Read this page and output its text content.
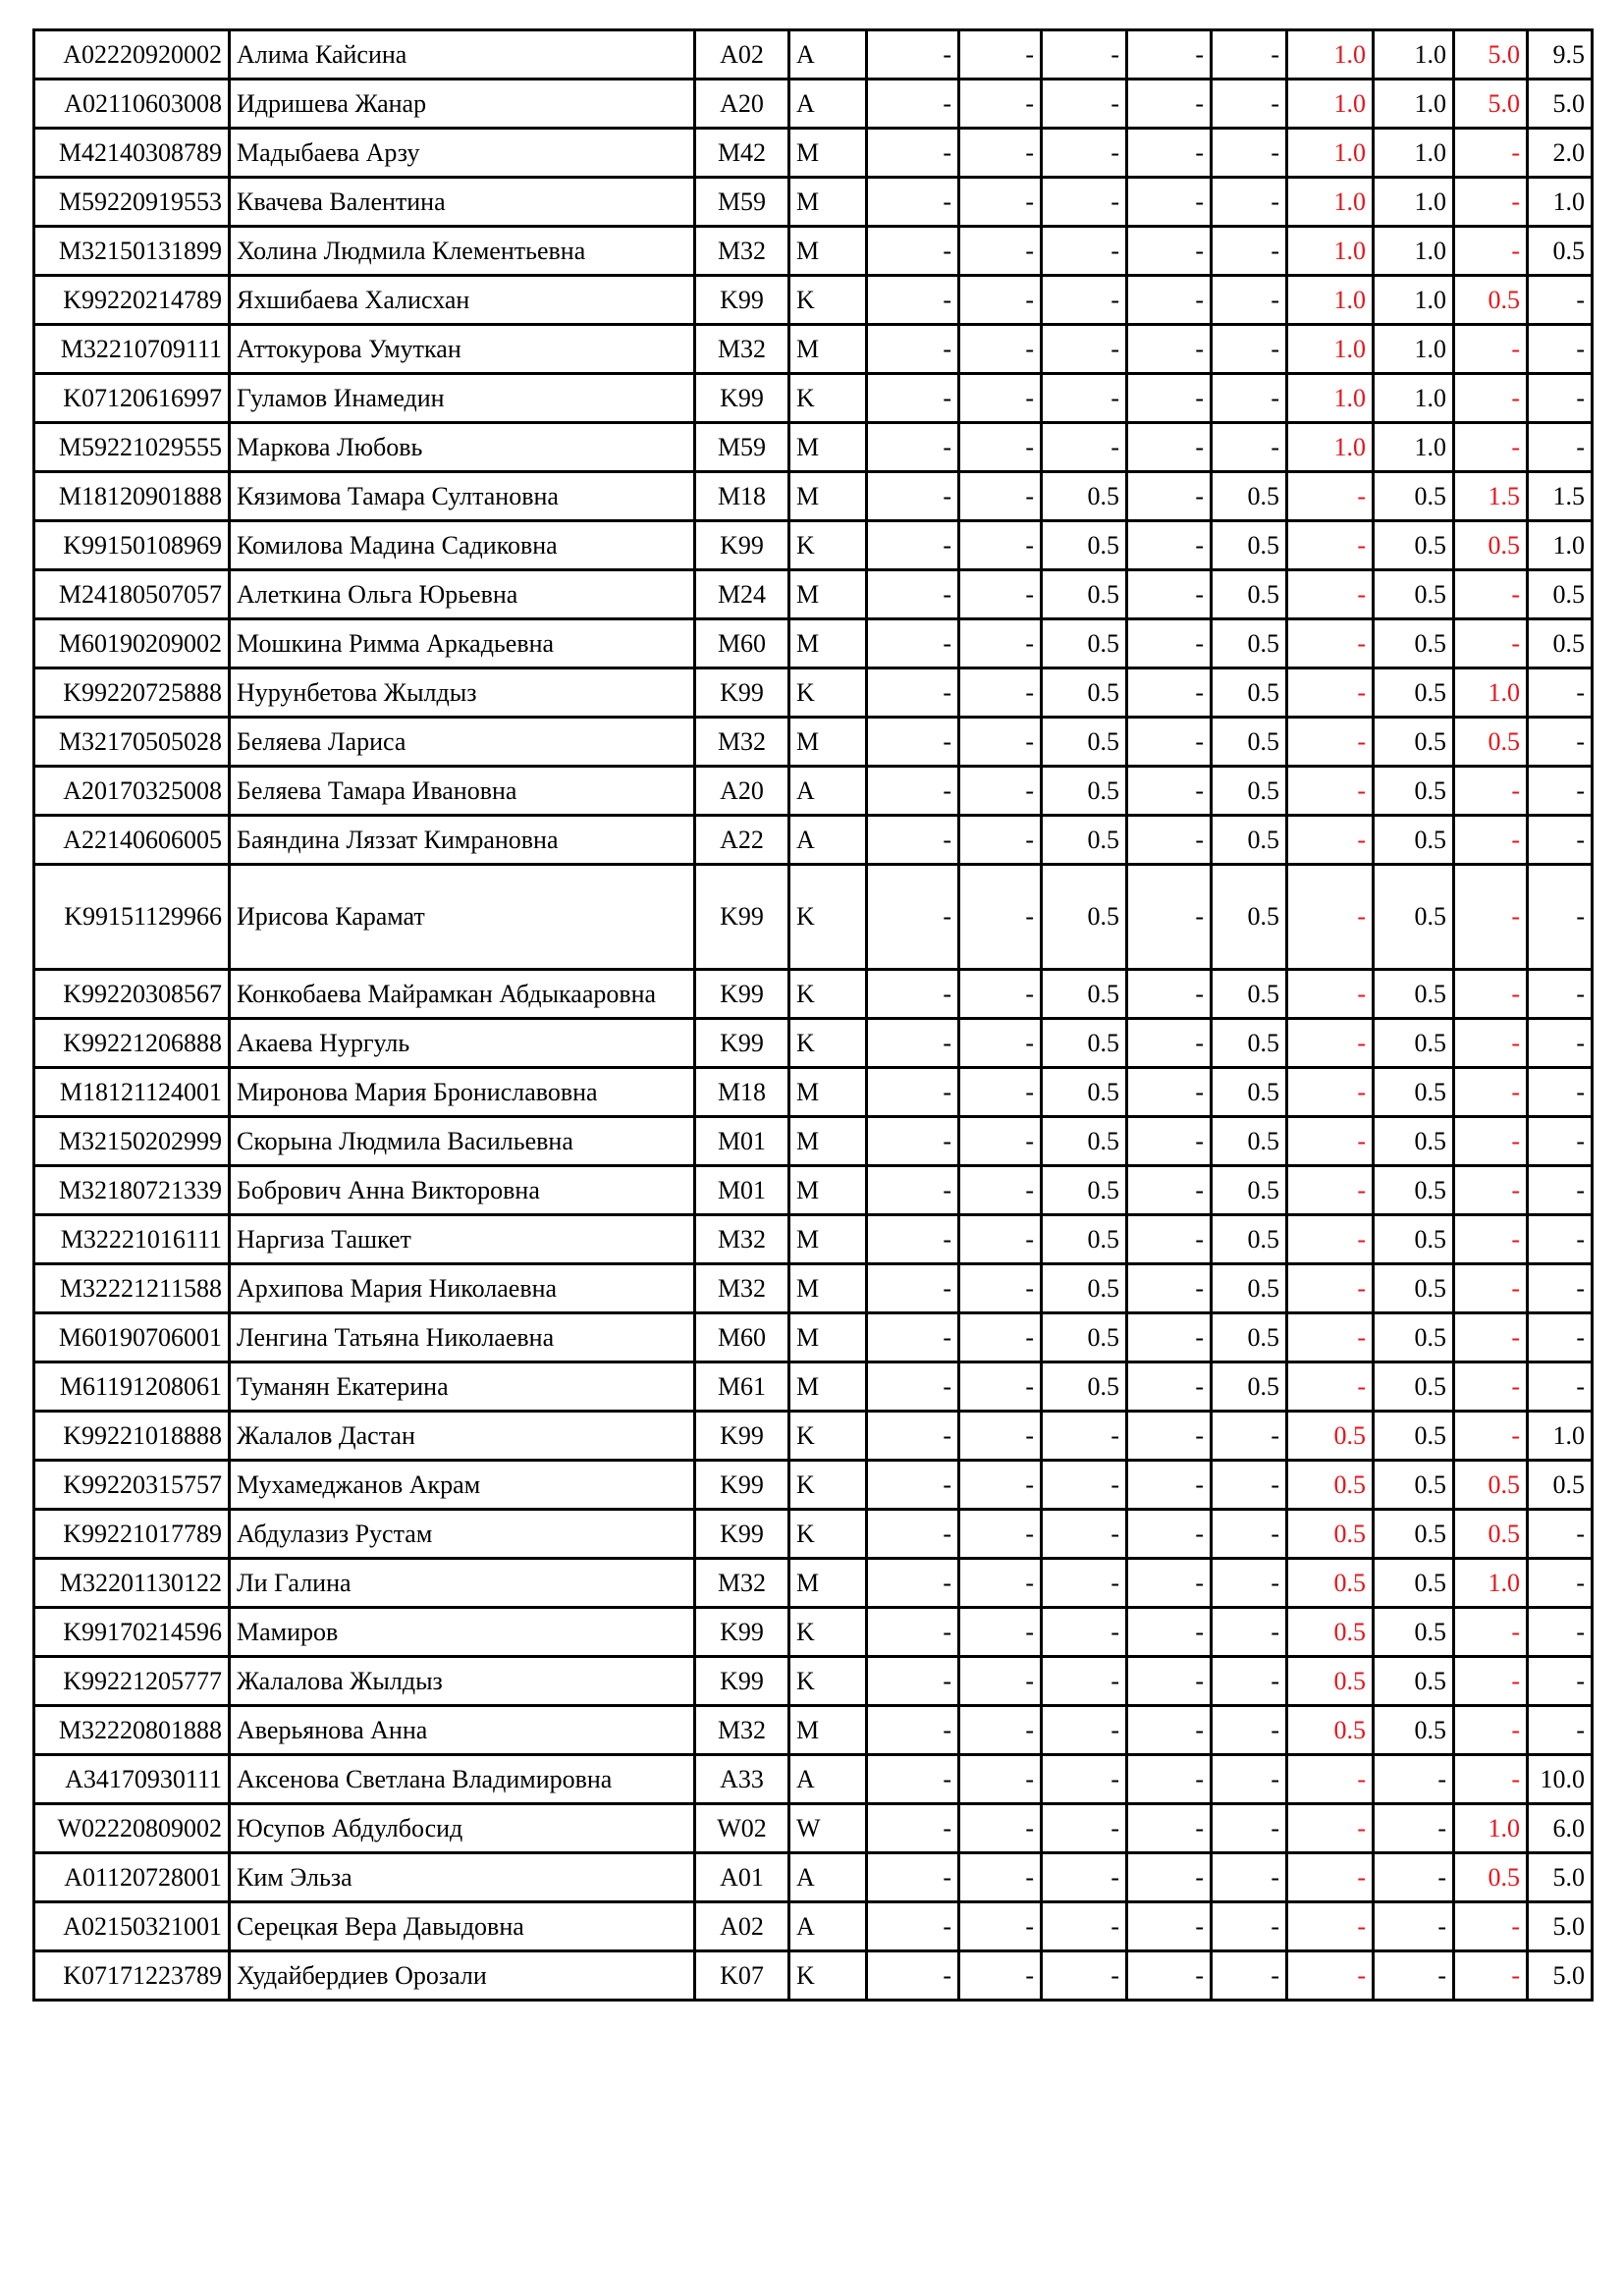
A02220920002	Алима Кайсина	A02	A	-	-	-	-	-	1.0	1.0	5.0	9.5
A02110603008	Идришева Жанар	A20	A	-	-	-	-	-	1.0	1.0	5.0	5.0
M42140308789	Мадыбаева Арзу	M42	M	-	-	-	-	-	1.0	1.0	-	2.0
M59220919553	Квачева Валентина	M59	M	-	-	-	-	-	1.0	1.0	-	1.0
M32150131899	Холина Людмила Клементьевна	M32	M	-	-	-	-	-	1.0	1.0	-	0.5
K99220214789	Яхшибаева Халисхан	K99	K	-	-	-	-	-	1.0	1.0	0.5	-
M32210709111	Аттокурова Умуткан	M32	M	-	-	-	-	-	1.0	1.0	-	-
K07120616997	Гуламов Инамедин	K99	K	-	-	-	-	-	1.0	1.0	-	-
M59221029555	Маркова Любовь	M59	M	-	-	-	-	-	1.0	1.0	-	-
M18120901888	Кязимова Тамара Султановна	M18	M	-	-	0.5	-	0.5	-	0.5	1.5	1.5
K99150108969	Комилова Мадина Садиковна	K99	K	-	-	0.5	-	0.5	-	0.5	0.5	1.0
M24180507057	Алеткина Ольга Юрьевна	M24	M	-	-	0.5	-	0.5	-	0.5	-	0.5
M60190209002	Мошкина Римма Аркадьевна	M60	M	-	-	0.5	-	0.5	-	0.5	-	0.5
K99220725888	Нурунбетова Жылдыз	K99	K	-	-	0.5	-	0.5	-	0.5	1.0	-
M32170505028	Беляева Лариса	M32	M	-	-	0.5	-	0.5	-	0.5	0.5	-
A20170325008	Беляева Тамара Ивановна	A20	A	-	-	0.5	-	0.5	-	0.5	-	-
A22140606005	Баяндина Ляззат Кимрановна	A22	A	-	-	0.5	-	0.5	-	0.5	-	-
K99151129966	Ирисова Карамат	K99	K	-	-	0.5	-	0.5	-	0.5	-	-
K99220308567	Конкобаева Майрамкан Абдыкааровна	K99	K	-	-	0.5	-	0.5	-	0.5	-	-
K99221206888	Акаева Нургуль	K99	K	-	-	0.5	-	0.5	-	0.5	-	-
M18121124001	Миронова Мария Брониславовна	M18	M	-	-	0.5	-	0.5	-	0.5	-	-
M32150202999	Скорына Людмила Васильевна	M01	M	-	-	0.5	-	0.5	-	0.5	-	-
M32180721339	Бобрович Анна Викторовна	M01	M	-	-	0.5	-	0.5	-	0.5	-	-
M32221016111	Наргиза Ташкет	M32	M	-	-	0.5	-	0.5	-	0.5	-	-
M32221211588	Архипова Мария Николаевна	M32	M	-	-	0.5	-	0.5	-	0.5	-	-
M60190706001	Ленгина Татьяна Николаевна	M60	M	-	-	0.5	-	0.5	-	0.5	-	-
M61191208061	Туманян Екатерина	M61	M	-	-	0.5	-	0.5	-	0.5	-	-
K99221018888	Жалалов Дастан	K99	K	-	-	-	-	-	0.5	0.5	-	1.0
K99220315757	Мухамеджанов Акрам	K99	K	-	-	-	-	-	0.5	0.5	0.5	0.5
K99221017789	Абдулазиз Рустам	K99	K	-	-	-	-	-	0.5	0.5	0.5	-
M32201130122	Ли Галина	M32	M	-	-	-	-	-	0.5	0.5	1.0	-
K99170214596	Мамиров	K99	K	-	-	-	-	-	0.5	0.5	-	-
K99221205777	Жалалова Жылдыз	K99	K	-	-	-	-	-	0.5	0.5	-	-
M32220801888	Аверьянова Анна	M32	M	-	-	-	-	-	0.5	0.5	-	-
A34170930111	Аксенова Светлана Владимировна	A33	A	-	-	-	-	-	-	-	-	10.0
W02220809002	Юсупов Абдулбосид	W02	W	-	-	-	-	-	-	-	1.0	6.0
A01120728001	Ким Эльза	A01	A	-	-	-	-	-	-	-	0.5	5.0
A02150321001	Серецкая Вера Давыдовна	A02	A	-	-	-	-	-	-	-	-	5.0
K07171223789	Худайбердиев Орозали	K07	K	-	-	-	-	-	-	-	-	5.0
